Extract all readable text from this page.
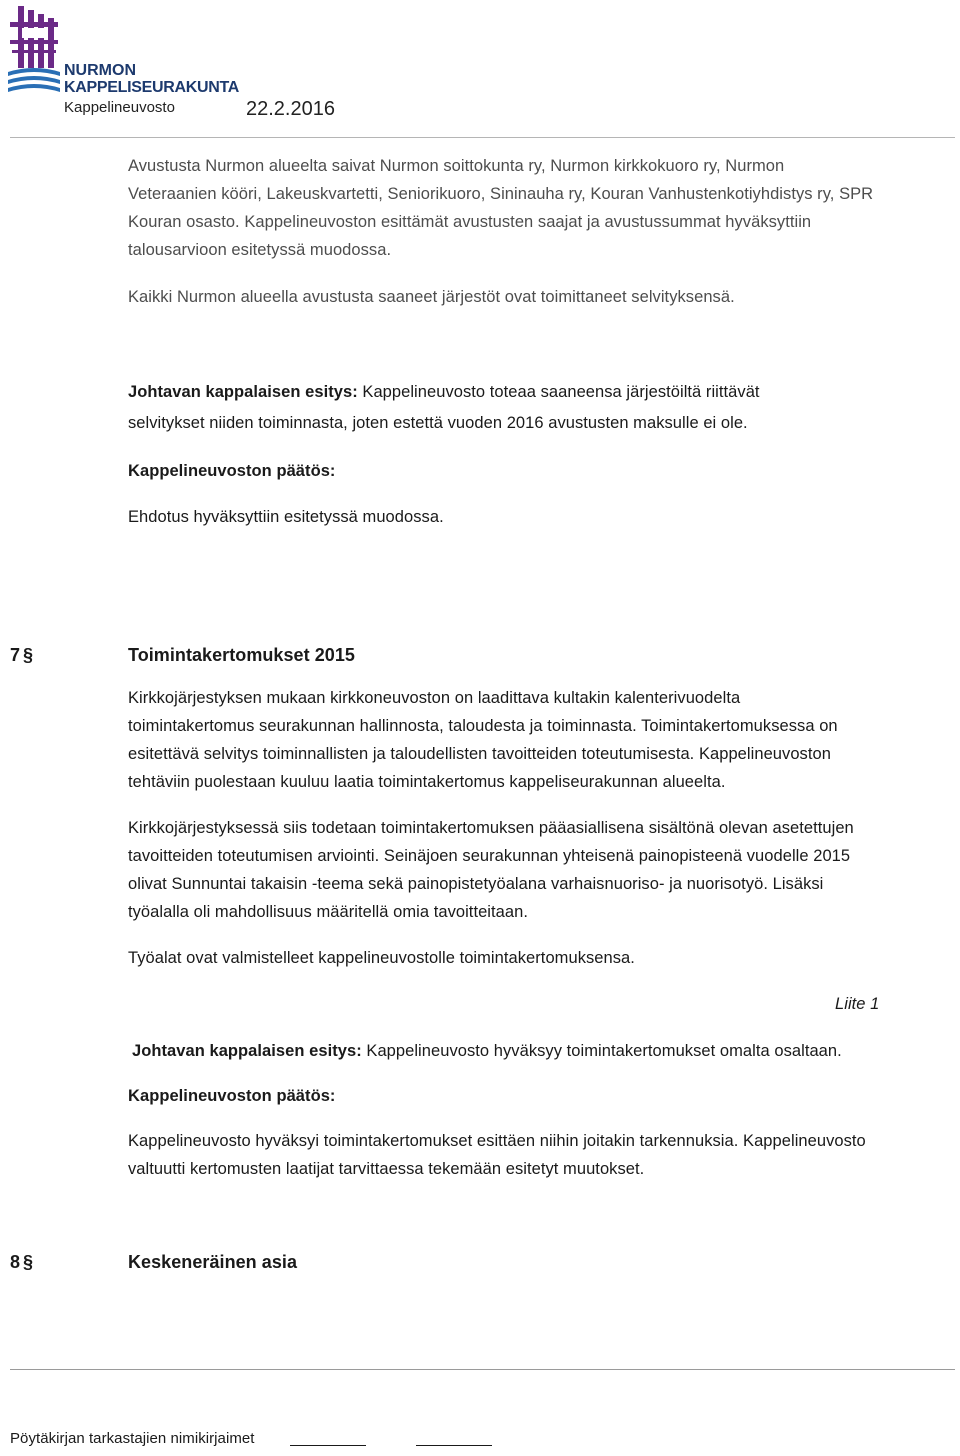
NURMON
KAPPELISEURAKUNTA
Kappelineuvosto	22.2.2016
Avustusta Nurmon alueelta saivat Nurmon soittokunta ry, Nurmon kirkkokuoro ry, Nurmon
Veteraanien kööri, Lakeuskvartetti, Seniorikuoro, Sininauha ry, Kouran Vanhustenkotiyhdistys ry, SPR
Kouran osasto. Kappelineuvoston esittämät avustusten saajat ja avustussummat hyväksyttiin
talousarvioon esitetyssä muodossa.
Kaikki Nurmon alueella avustusta saaneet järjestöt ovat toimittaneet selvityksensä.
Johtavan kappalaisen esitys: Kappelineuvosto toteaa saaneensa järjestöiltä riittävät
selvitykset niiden toiminnasta, joten estettä vuoden 2016 avustusten maksulle ei ole.
Kappelineuvoston päätös:
Ehdotus hyväksyttiin esitetyssä muodossa.
7 §	Toimintakertomukset 2015
Kirkkojärjestyksen mukaan kirkkoneuvoston on laadittava kultakin kalenterivuodelta
toimintakertomus seurakunnan hallinnosta, taloudesta ja toiminnasta. Toimintakertomuksessa on
esitettävä selvitys toiminnallisten ja taloudellisten tavoitteiden toteutumisesta. Kappelineuvoston
tehtäviin puolestaan kuuluu laatia toimintakertomus kappeliseurakunnan alueelta.
Kirkkojärjestyksessä siis todetaan toimintakertomuksen pääasiallisena sisältönä olevan asetettujen
tavoitteiden toteutumisen arviointi. Seinäjoen seurakunnan yhteisenä painopisteenä vuodelle 2015
olivat Sunnuntai takaisin -teema sekä painopistetyöalana varhaisnuoriso- ja nuorisotyö. Lisäksi
työalalla oli mahdollisuus määritellä omia tavoitteitaan.
Työalat ovat valmistelleet kappelineuvostolle toimintakertomuksensa.
Liite 1
Johtavan kappalaisen esitys: Kappelineuvosto hyväksyy toimintakertomukset omalta osaltaan.
Kappelineuvoston päätös:
Kappelineuvosto hyväksyi toimintakertomukset esittäen niihin joitakin tarkennuksia. Kappelineuvosto
valtuutti kertomusten laatijat tarvittaessa tekemään esitetyt muutokset.
8 §	Keskeneräinen asia
Pöytäkirjan tarkastajien nimikirjaimet
